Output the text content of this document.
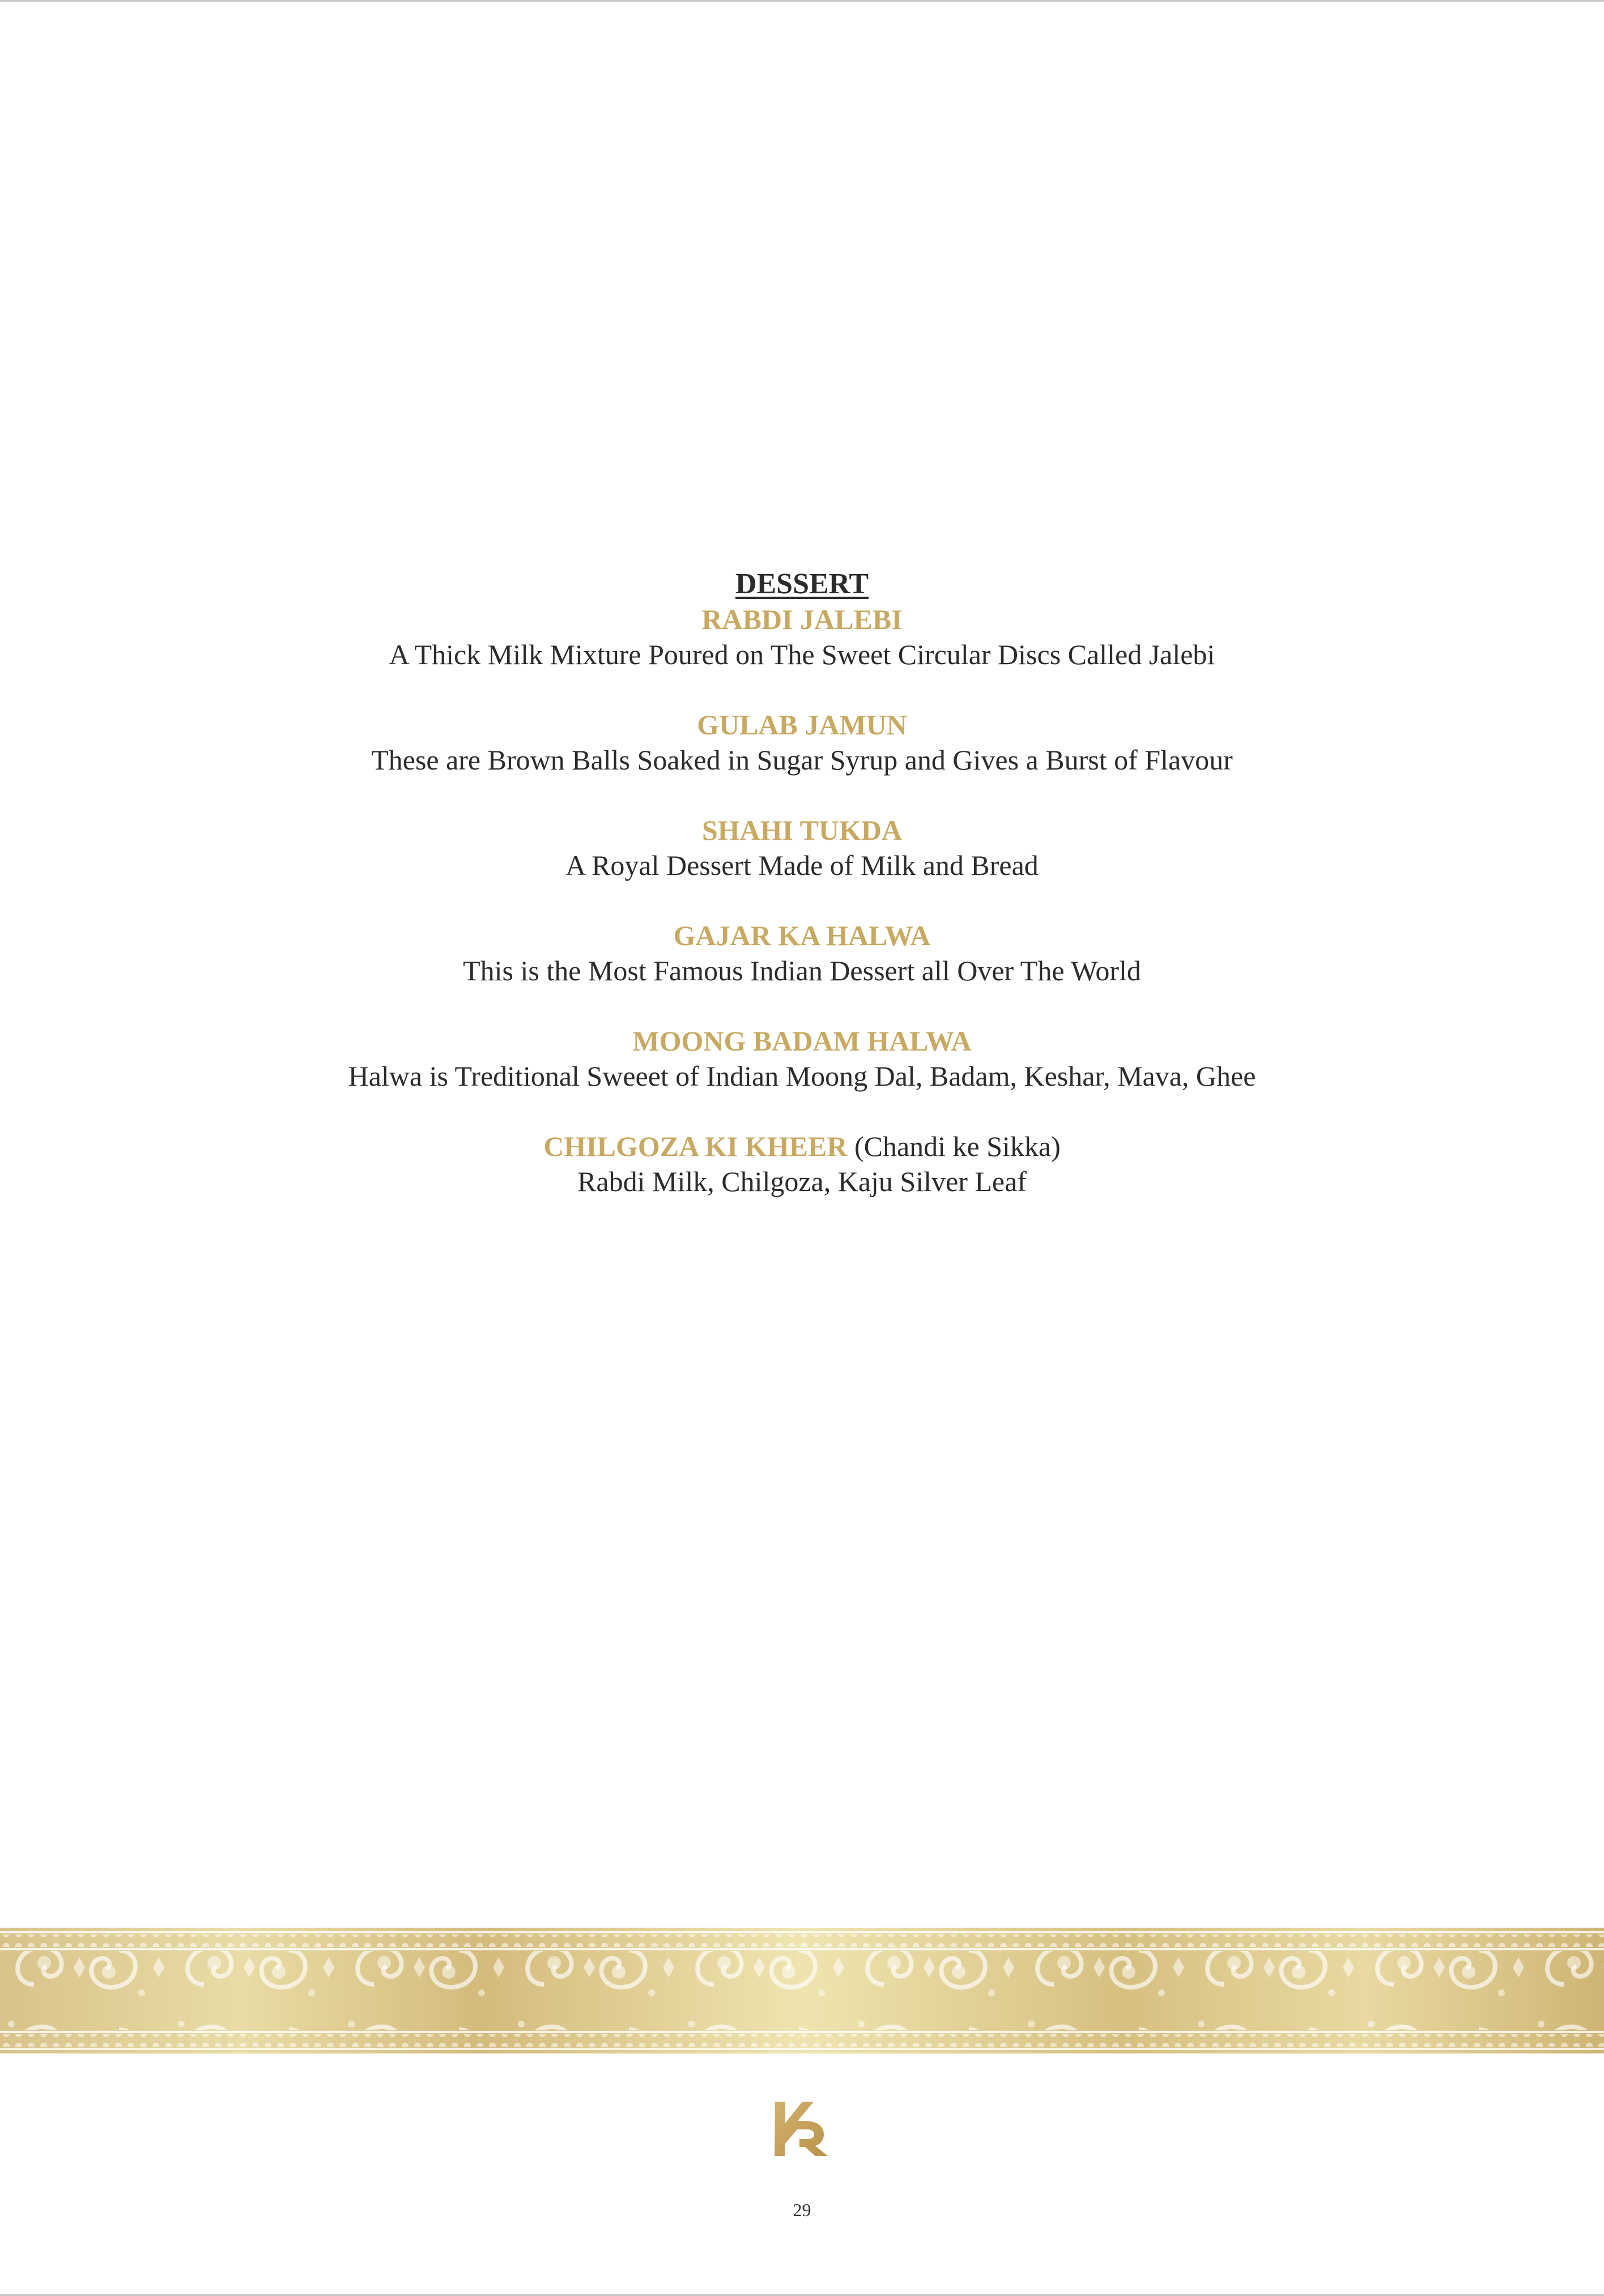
DESSERT
RABDI JALEBI
A Thick Milk Mixture Poured on The Sweet Circular Discs Called Jalebi
GULAB JAMUN
These are Brown Balls Soaked in Sugar Syrup and Gives a Burst of Flavour
SHAHI TUKDA
A Royal Dessert Made of Milk and Bread
GAJAR KA HALWA
This is the Most Famous Indian Dessert all Over The World
MOONG BADAM HALWA
Halwa is Treditional Sweeet of Indian Moong Dal, Badam, Keshar, Mava, Ghee
CHILGOZA KI KHEER (Chandi ke Sikka)
Rabdi Milk, Chilgoza, Kaju Silver Leaf
29
